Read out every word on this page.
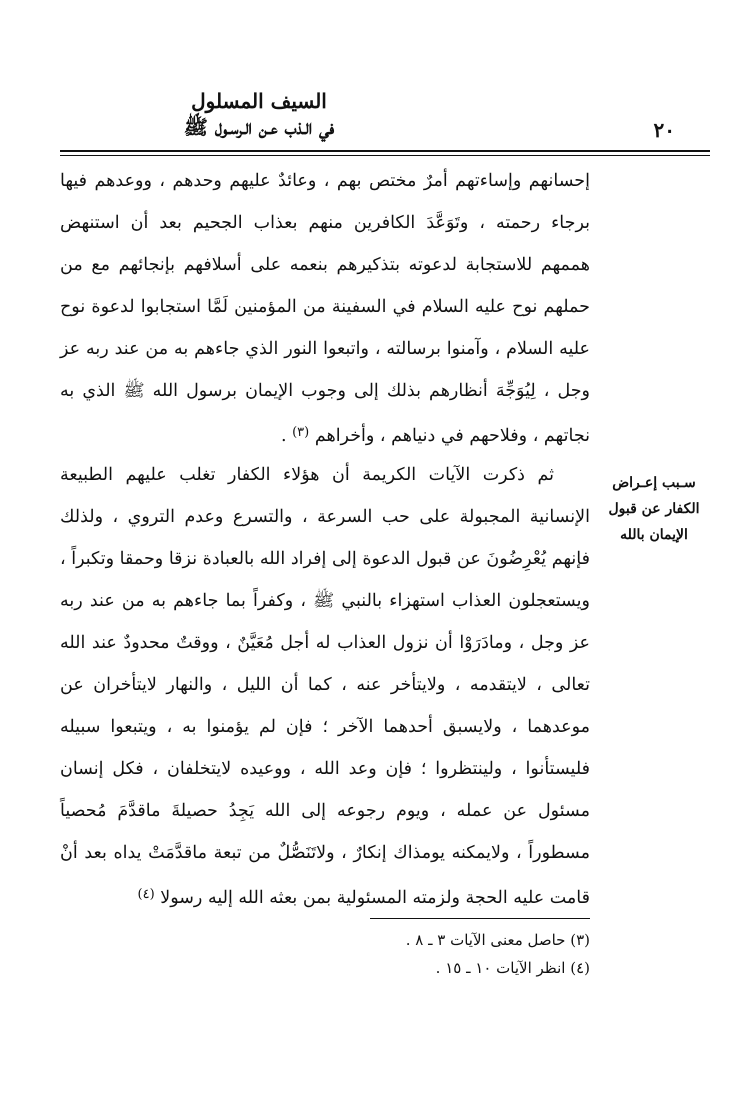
٢٠
السيف المسلول
في الـذب عـن الـرسـول ﷺ

إحسانهم وإساءتهم أمرٌ مختص بهم ، وعائدٌ عليهم وحدهم ، ووعدهم فيها برجاء رحمته ، وتَوَعَّدَ الكافرين منهم بعذاب الجحيم بعد أن استنهض هممهم للاستجابة لدعوته بتذكيرهم بنعمه على أسلافهم بإنجائهم مع من حملهم نوح عليه السلام في السفينة من المؤمنين لَمَّا استجابوا لدعوة نوح عليه السلام ، وآمنوا برسالته ، واتبعوا النور الذي جاءهم به من عند ربه عز وجل ، لِيُوَجِّهَ أنظارهم بذلك إلى وجوب الإيمان برسول الله ﷺ الذي به نجاتهم ، وفلاحهم في دنياهم ، وأخراهم $^{(٣)}$ .

سـبب إعـراض
الكفار عن قبول
الإيمان بالله

ثم ذكرت الآيات الكريمة أن هؤلاء الكفار تغلب عليهم الطبيعة الإنسانية المجبولة على حب السرعة ، والتسرع وعدم التروي ، ولذلك فإنهم يُعْرِضُونَ عن قبول الدعوة إلى إفراد الله بالعبادة نزقا وحمقا وتكبراً ، ويستعجلون العذاب استهزاء بالنبي ﷺ ، وكفراً بما جاءهم به من عند ربه عز وجل ، ومادَرَوْا أن نزول العذاب له أجل مُعَيَّنٌ ، ووقتٌ محدودٌ عند الله تعالى ، لايتقدمه ، ولايتأخر عنه ، كما أن الليل ، والنهار لايتأخران عن موعدهما ، ولايسبق أحدهما الآخر ؛ فإن لم يؤمنوا به ، ويتبعوا سبيله فليستأنوا ، ولينتظروا ؛ فإن وعد الله ، ووعيده لايتخلفان ، فكل إنسان مسئول عن عمله ، ويوم رجوعه إلى الله يَجِدُ حصيلةَ ماقدَّمَ مُحصياً مسطوراً ، ولايمكنه يومذاك إنكارٌ ، ولاتَنَصُّلٌ من تبعة ماقدَّمَتْ يداه بعد أنْ قامت عليه الحجة ولزمته المسئولية بمن بعثه الله إليه رسولا $^{(٤)}$

(٣) حاصل معنى الآيات ٣ ـ ٨ .
(٤) انظر الآيات ١٠ ـ ١٥ .
